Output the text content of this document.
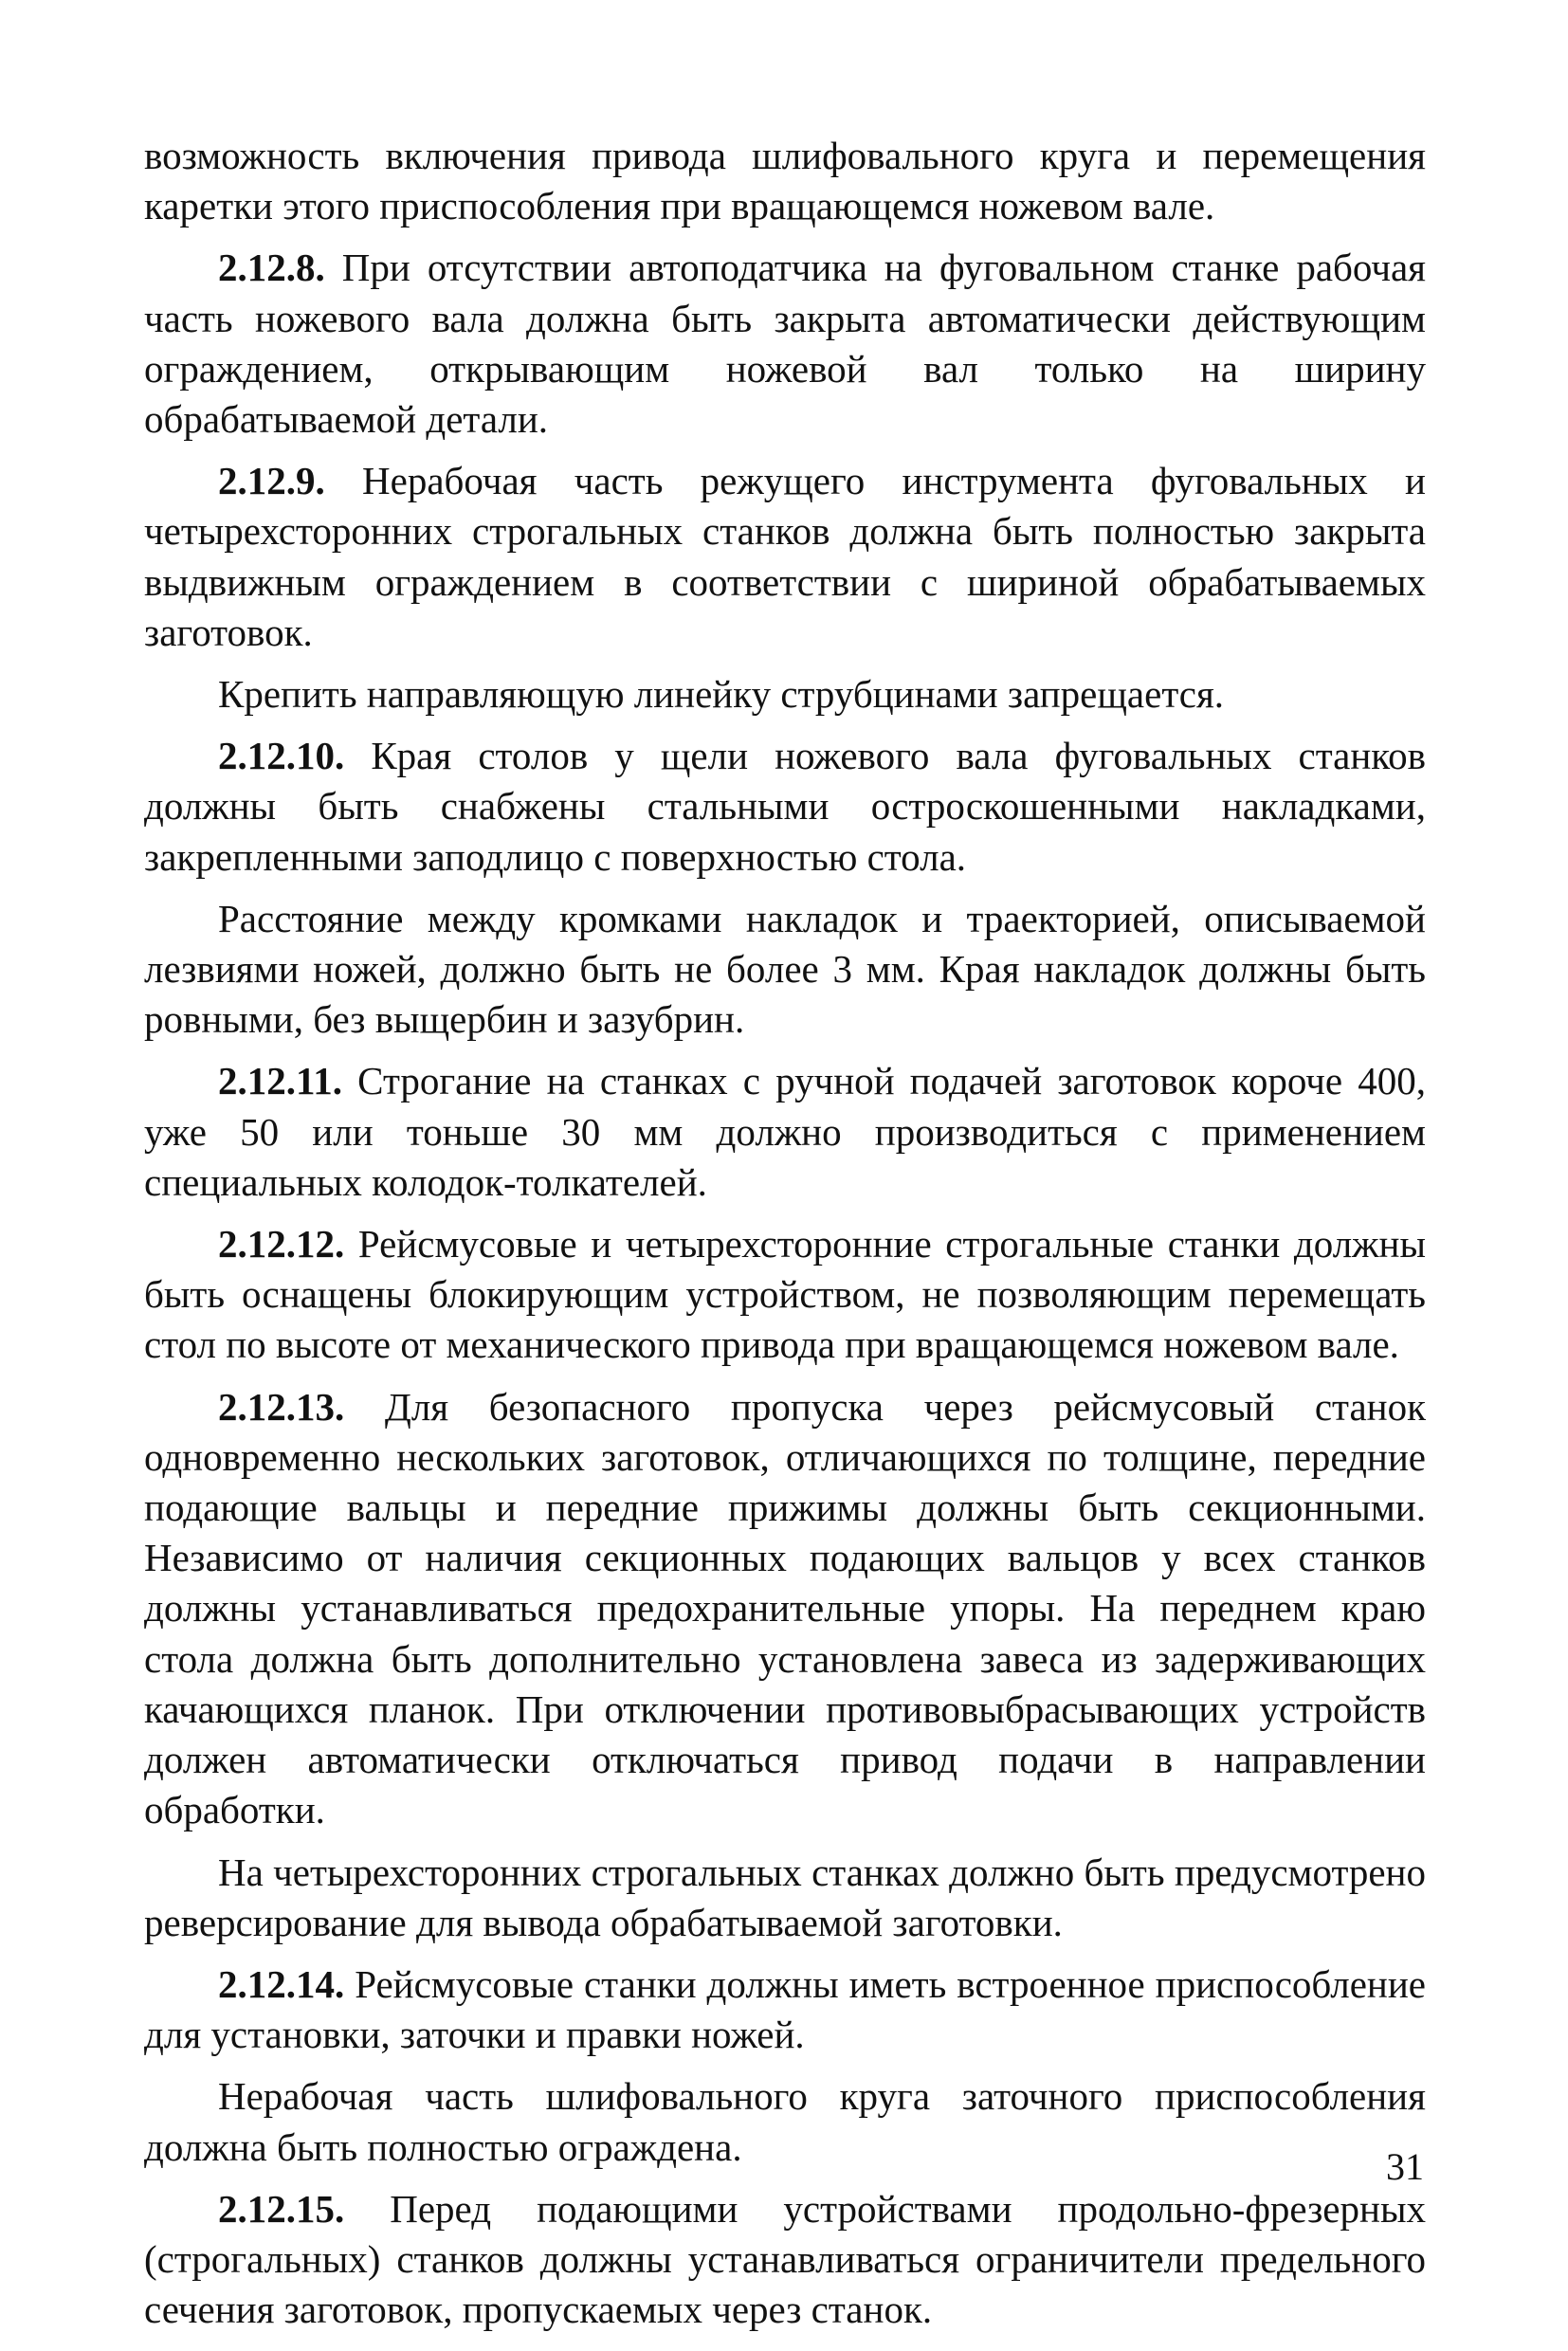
возможность включения привода шлифовального круга и перемещения каретки этого приспособления при вращающемся ножевом вале.

2.12.8. При отсутствии автоподатчика на фуговальном станке рабочая часть ножевого вала должна быть закрыта автоматически действующим ограждением, открывающим ножевой вал только на ширину обрабатываемой детали.

2.12.9. Нерабочая часть режущего инструмента фуговальных и четырехсторонних строгальных станков должна быть полностью закрыта выдвижным ограждением в соответствии с шириной обрабатываемых заготовок.

Крепить направляющую линейку струбцинами запрещается.

2.12.10. Края столов у щели ножевого вала фуговальных станков должны быть снабжены стальными остроскошенными накладками, закрепленными заподлицо с поверхностью стола.

Расстояние между кромками накладок и траекторией, описываемой лезвиями ножей, должно быть не более 3 мм. Края накладок должны быть ровными, без выщербин и зазубрин.

2.12.11. Строгание на станках с ручной подачей заготовок короче 400, уже 50 или тоньше 30 мм должно производиться с применением специальных колодок-толкателей.

2.12.12. Рейсмусовые и четырехсторонние строгальные станки должны быть оснащены блокирующим устройством, не позволяющим перемещать стол по высоте от механического привода при вращающемся ножевом вале.

2.12.13. Для безопасного пропуска через рейсмусовый станок одновременно нескольких заготовок, отличающихся по толщине, передние подающие вальцы и передние прижимы должны быть секционными. Независимо от наличия секционных подающих вальцов у всех станков должны устанавливаться предохранительные упоры. На переднем краю стола должна быть дополнительно установлена завеса из задерживающих качающихся планок. При отключении противовыбрасывающих устройств должен автоматически отключаться привод подачи в направлении обработки.

На четырехсторонних строгальных станках должно быть предусмотрено реверсирование для вывода обрабатываемой заготовки.

2.12.14. Рейсмусовые станки должны иметь встроенное приспособление для установки, заточки и правки ножей.

Нерабочая часть шлифовального круга заточного приспособления должна быть полностью ограждена.

2.12.15. Перед подающими устройствами продольно-фрезерных (строгальных) станков должны устанавливаться ограничители предельного сечения заготовок, пропускаемых через станок.

31
